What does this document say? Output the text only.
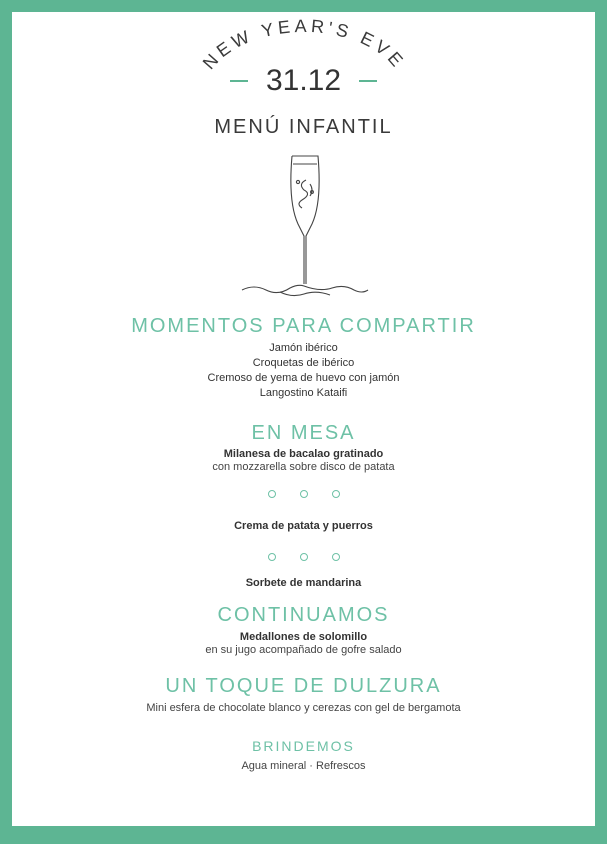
NEW YEAR'S EVE
31.12
MENÚ INFANTIL
MOMENTOS PARA COMPARTIR
Jamón ibérico
Croquetas de ibérico
Cremoso de yema de huevo con jamón
Langostino Kataifi
EN MESA
Milanesa de bacalao gratinado
con mozzarella sobre disco de patata
Crema de patata y puerros
Sorbete de mandarina
CONTINUAMOS
Medallones de solomillo
en su jugo acompañado de gofre salado
UN TOQUE DE DULZURA
Mini esfera de chocolate blanco y cerezas con gel de bergamota
BRINDEMOS
Agua mineral · Refrescos
